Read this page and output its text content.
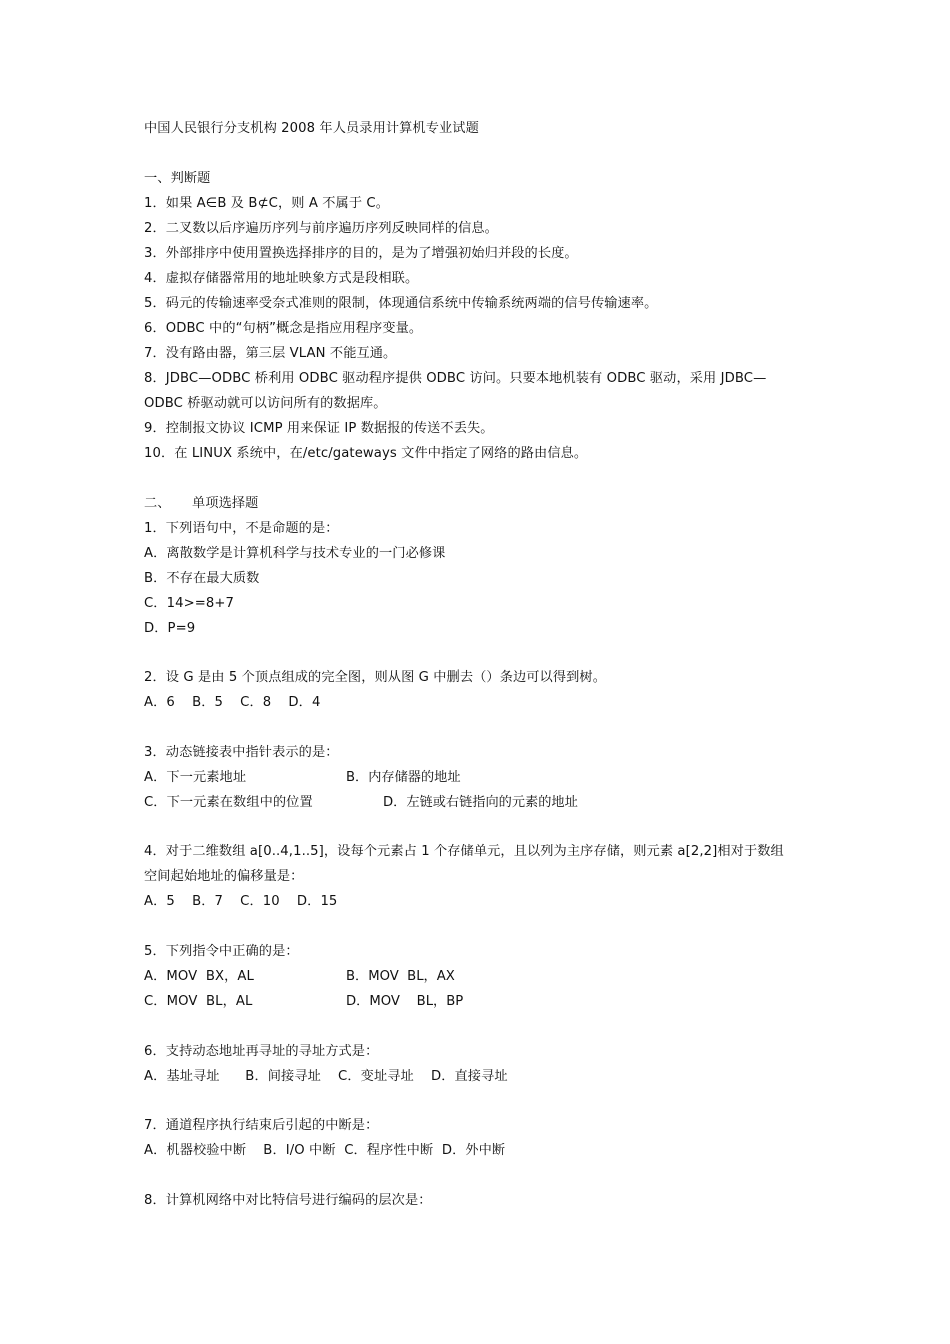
中国人民银行分支机构 2008 年人员录用计算机专业试题
一、判断题
1．如果 A∈B 及 B⊄C，则 A 不属于 C。
2．二叉数以后序遍历序列与前序遍历序列反映同样的信息。
3．外部排序中使用置换选择排序的目的，是为了增强初始归并段的长度。
4．虚拟存储器常用的地址映象方式是段相联。
5．码元的传输速率受奈式准则的限制，体现通信系统中传输系统两端的信号传输速率。
6．ODBC 中的“句柄”概念是指应用程序变量。
7．没有路由器，第三层 VLAN 不能互通。
8．JDBC—ODBC 桥利用 ODBC 驱动程序提供 ODBC 访问。只要本地机装有 ODBC 驱动，采用 JDBC—
ODBC 桥驱动就可以访问所有的数据库。
9．控制报文协议 ICMP 用来保证 IP 数据报的传送不丢失。
10．在 LINUX 系统中，在/etc/gateways 文件中指定了网络的路由信息。
二、     单项选择题
1．下列语句中，不是命题的是：
A．离散数学是计算机科学与技术专业的一门必修课
B．不存在最大质数
C．14>=8+7
D．P=9
2．设 G 是由 5 个顶点组成的完全图，则从图 G 中删去（）条边可以得到树。
A．6    B．5    C．8    D．4
3．动态链接表中指针表示的是：
A．下一元素地址	B．内存储器的地址
C．下一元素在数组中的位置	D．左链或右链指向的元素的地址
4．对于二维数组 a[0..4,1..5]，设每个元素占 1 个存储单元，且以列为主序存储，则元素 a[2,2]相对于数组
空间起始地址的偏移量是：
A．5    B．7    C．10    D．15
5．下列指令中正确的是：
A．MOV  BX，AL	B．MOV  BL，AX
C．MOV  BL，AL	D．MOV    BL，BP
6．支持动态地址再寻址的寻址方式是：
A．基址寻址      B．间接寻址    C．变址寻址    D．直接寻址
7．通道程序执行结束后引起的中断是：
A．机器校验中断    B．I/O 中断  C．程序性中断  D．外中断
8．计算机网络中对比特信号进行编码的层次是：
